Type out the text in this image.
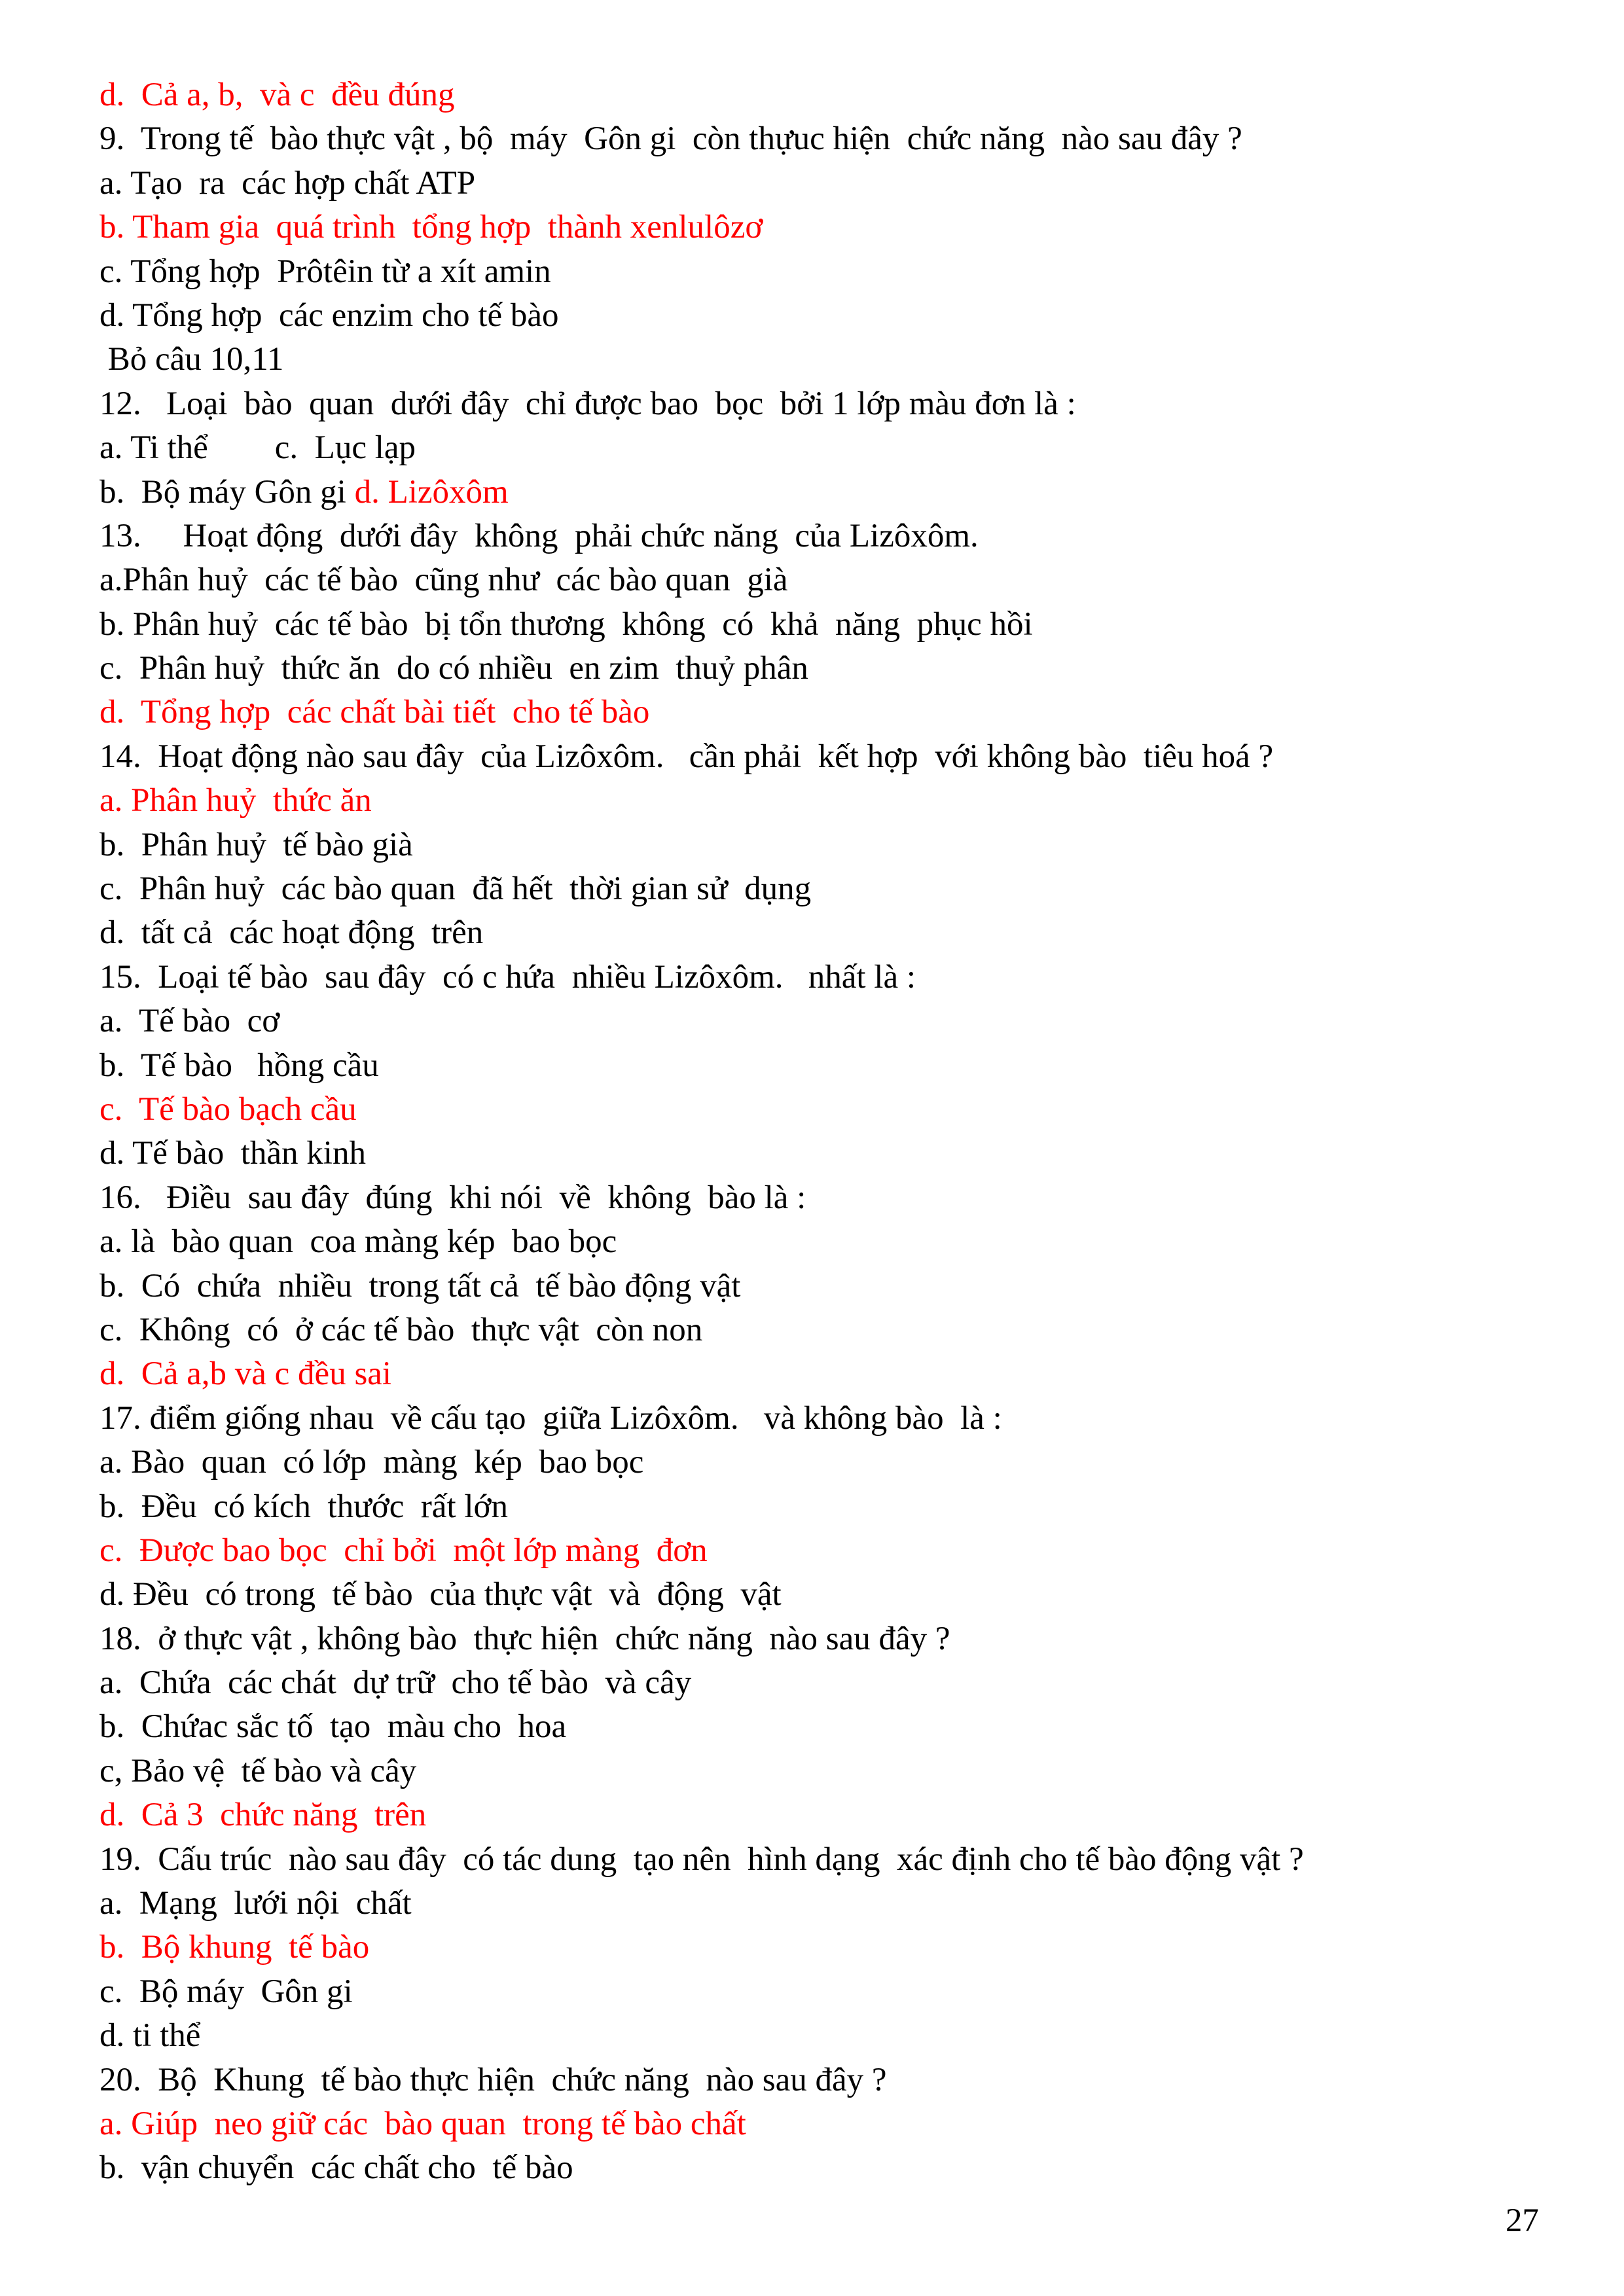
d.  Cả a, b,  và c  đều đúng
9.  Trong tế  bào thực vật , bộ  máy  Gôn gi  còn thựuc hiện  chức năng  nào sau đây ?
a. Tạo  ra  các hợp chất ATP
b. Tham gia  quá trình  tổng hợp  thành xenlulôzơ
c. Tổng hợp  Prôtêin từ a xít amin
d. Tổng hợp  các enzim cho tế bào
Bỏ câu 10,11
12.   Loại  bào  quan  dưới đây  chỉ được bao  bọc  bởi 1 lớp màu đơn là :
a. Ti thể        c.  Lục lạp
b.  Bộ máy Gôn gi d. Lizôxôm
13.     Hoạt động  dưới đây  không  phải chức năng  của Lizôxôm.
a.Phân huỷ  các tế bào  cũng như  các bào quan  già
b. Phân huỷ  các tế bào  bị tổn thương  không  có  khả  năng  phục hồi
c.  Phân huỷ  thức ăn  do có nhiều  en zim  thuỷ phân
d.  Tổng hợp  các chất bài tiết  cho tế bào
14.  Hoạt động nào sau đây  của Lizôxôm.   cần phải  kết hợp  với không bào  tiêu hoá ?
a. Phân huỷ  thức ăn
b.  Phân huỷ  tế bào già
c.  Phân huỷ  các bào quan  đã hết  thời gian sử  dụng
d.  tất cả  các hoạt động  trên
15.  Loại tế bào  sau đây  có c hứa  nhiều Lizôxôm.   nhất là :
a.  Tế bào  cơ
b.  Tế bào   hồng cầu
c.  Tế bào bạch cầu
d. Tế bào  thần kinh
16.   Điều  sau đây  đúng  khi nói  về  không  bào là :
a. là  bào quan  coa màng kép  bao bọc
b.  Có  chứa  nhiều  trong tất cả  tế bào động vật
c.  Không  có  ở các tế bào  thực vật  còn non
d.  Cả a,b và c đều sai
17. điểm giống nhau  về cấu tạo  giữa Lizôxôm.   và không bào  là :
a. Bào  quan  có lớp  màng  kép  bao bọc
b.  Đều  có kích  thước  rất lớn
c.  Được bao bọc  chỉ bởi  một lớp màng  đơn
d. Đều  có trong  tế bào  của thực vật  và  động  vật
18.  ở thực vật , không bào  thực hiện  chức năng  nào sau đây ?
a.  Chứa  các chát  dự trữ  cho tế bào  và cây
b.  Chứac sắc tố  tạo  màu cho  hoa
c, Bảo vệ  tế bào và cây
d.  Cả 3  chức năng  trên
19.  Cấu trúc  nào sau đây  có tác dung  tạo nên  hình dạng  xác định cho tế bào động vật ?
a.  Mạng  lưới nội  chất
b.  Bộ khung  tế bào
c.  Bộ máy  Gôn gi
d. ti thể
20.  Bộ  Khung  tế bào thực hiện  chức năng  nào sau đây ?
a. Giúp  neo giữ các  bào quan  trong tế bào chất
b.  vận chuyển  các chất cho  tế bào
27
